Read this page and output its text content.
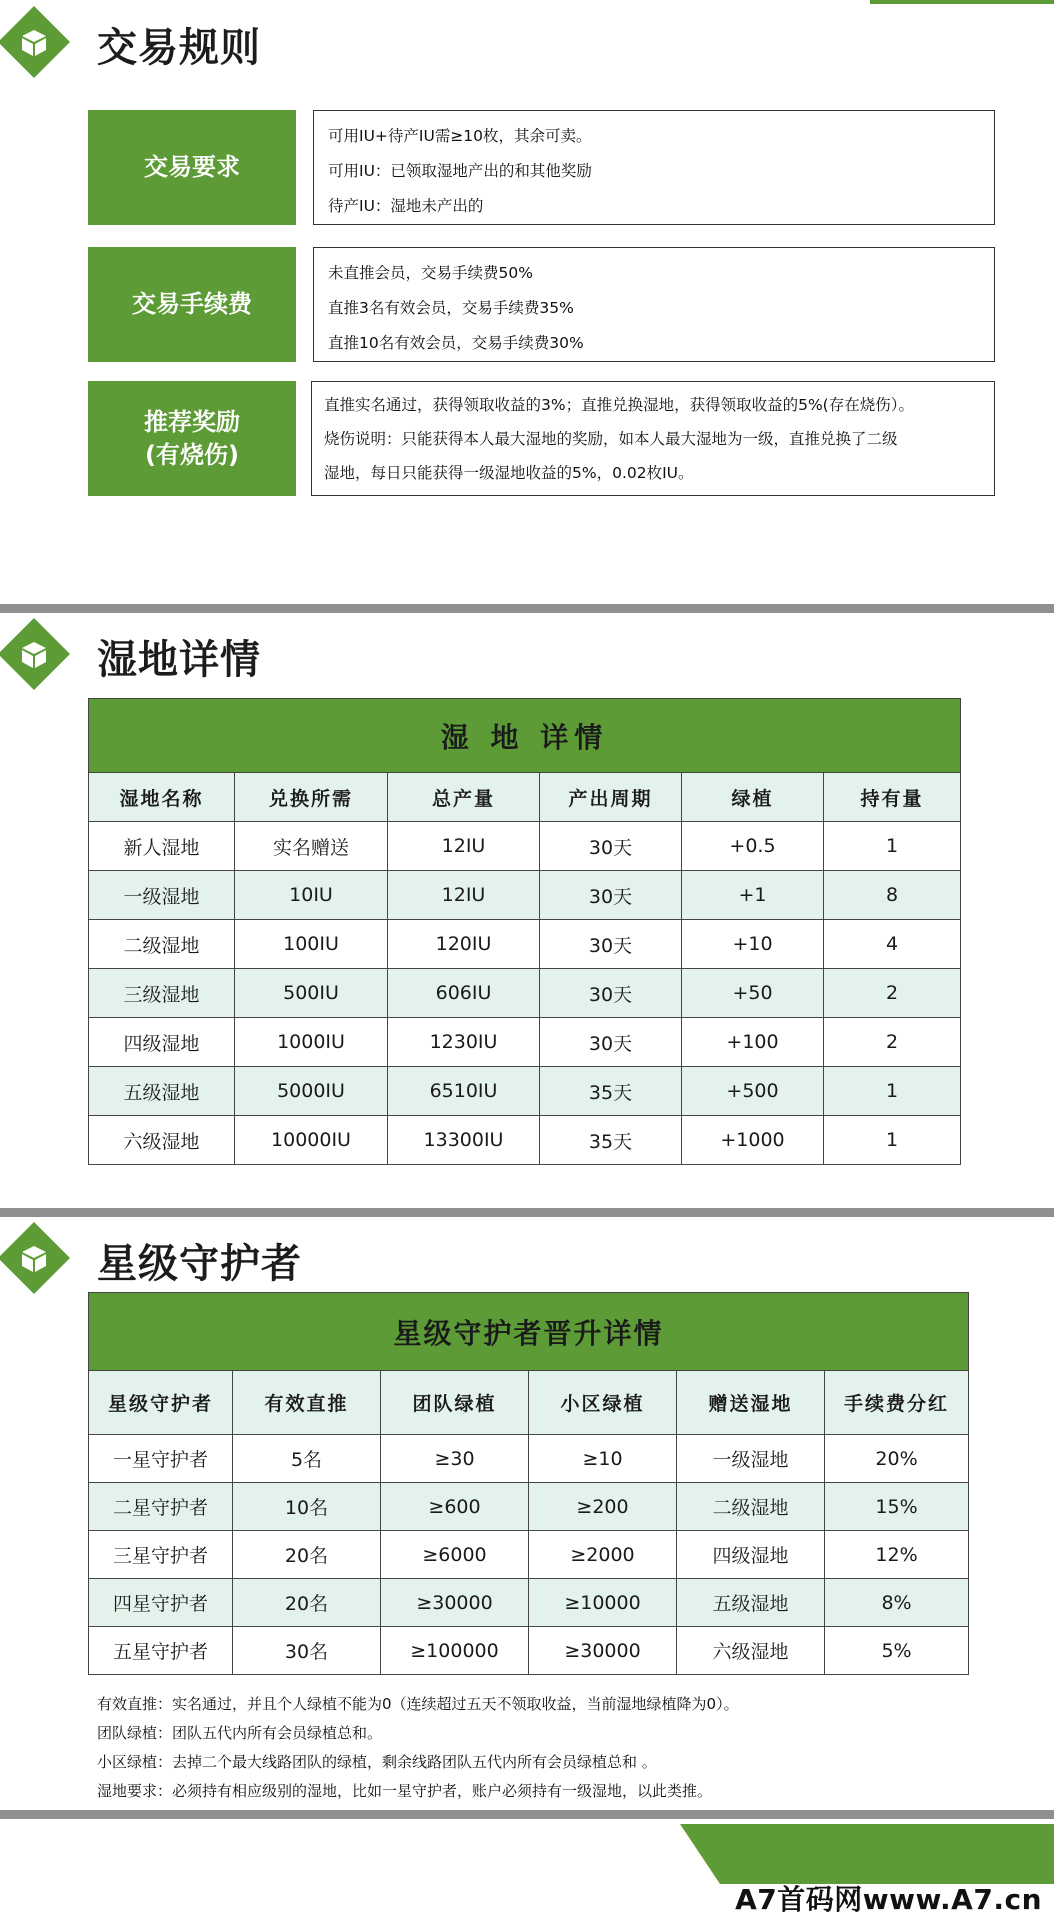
交易规则
交易要求
可用IU+待产IU需≥10枚，其余可卖。
可用IU：已领取湿地产出的和其他奖励
待产IU：湿地未产出的
交易手续费
未直推会员，交易手续费50%
直推3名有效会员，交易手续费35%
直推10名有效会员，交易手续费30%
推荐奖励
(有烧伤)
直推实名通过，获得领取收益的3%；直推兑换湿地，获得领取收益的5%(存在烧伤）。
烧伤说明：只能获得本人最大湿地的奖励，如本人最大湿地为一级，直推兑换了二级
湿地，每日只能获得一级湿地收益的5%，0.02枚IU。
湿地详情
湿 地 详情					
湿地名称	兑换所需	总产量	产出周期	绿植	持有量
新人湿地	实名赠送	12IU	30天	+0.5	1
一级湿地	10IU	12IU	30天	+1	8
二级湿地	100IU	120IU	30天	+10	4
三级湿地	500IU	606IU	30天	+50	2
四级湿地	1000IU	1230IU	30天	+100	2
五级湿地	5000IU	6510IU	35天	+500	1
六级湿地	10000IU	13300IU	35天	+1000	1
星级守护者
星级守护者晋升详情					
星级守护者	有效直推	团队绿植	小区绿植	赠送湿地	手续费分红
一星守护者	5名	≥30	≥10	一级湿地	20%
二星守护者	10名	≥600	≥200	二级湿地	15%
三星守护者	20名	≥6000	≥2000	四级湿地	12%
四星守护者	20名	≥30000	≥10000	五级湿地	8%
五星守护者	30名	≥100000	≥30000	六级湿地	5%
有效直推：实名通过，并且个人绿植不能为0（连续超过五天不领取收益，当前湿地绿植降为0）。
团队绿植：团队五代内所有会员绿植总和。
小区绿植：去掉二个最大线路团队的绿植，剩余线路团队五代内所有会员绿植总和 。
湿地要求：必须持有相应级别的湿地，比如一星守护者，账户必须持有一级湿地，以此类推。
A7首码网www.A7.cn
